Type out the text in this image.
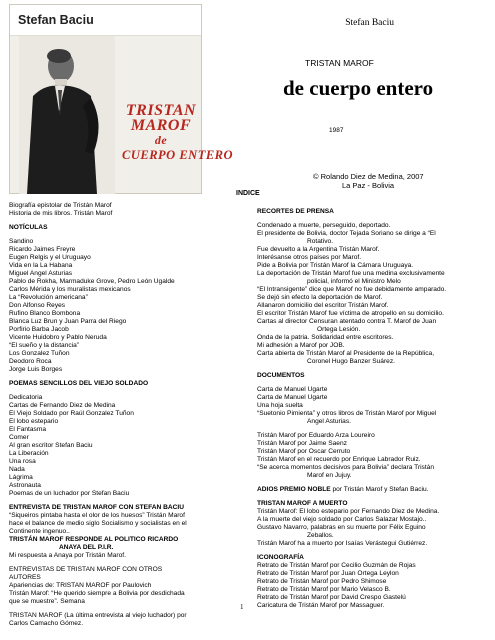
Stefan Baciu
TRISTAN
MAROF
de
CUERPO ENTERO
Stefan Baciu
TRISTAN MAROF
de cuerpo entero
1987
© Rolando Diez de Medina, 2007
La Paz - Bolivia
INDICE
Biografía epistolar de Tristán Marof
Historia de mis libros. Tristán Marof
NOTÍCULAS
Sandino
Ricardo Jaimes Freyre
Eugen Relgis y el Uruguayo
Vida en la La Habana
Miguel Angel Asturias
Pablo de Rokha, Marmaduke Grove, Pedro León Ugalde
Carlos Mérida y los muralistas mexicanos
La “Revolución americana”
Don Alfonso Reyes
Rufino Blanco Bombona
Blanca Luz Brun y Juan Parra del Riego
Porfirio Barba Jacob
Vicente Huidobro y Pablo Neruda
“El sueño y la distancia”
Los Gonzalez Tuñon
Deodoro Roca
Jorge Luis Borges
POEMAS SENCILLOS DEL VIEJO SOLDADO
Dedicatoria
Cartas de Fernando Diez de Medina
El Viejo Soldado por Raúl Gonzalez Tuñon
El lobo estepario
El Fantasma
Comer
Al gran escritor Stefan Baciu
La Liberación
Una rosa
Nada
Lágrima
Astronauta
Poemas de un luchador por Stefan Baciu
ENTREVISTA DE TRISTAN MAROF CON STEFAN BACIU
“Siqueiros pintaba hasta el olor de los huesos” Tristán Marof
hace el balance de medio siglo Socialismo y socialistas en el
Continente ingenuo..
TRISTÁN MAROF RESPONDE AL POLITICO RICARDO
ANAYA DEL P.I.R.
Mi respuesta a Anaya por Tristán Marof.
ENTREVISTAS DE TRISTAN MAROF CON OTROS
AUTORES
Apariencias de: TRISTAN MAROF por Paulovich
Tristán Marof: “He querido siempre a Bolivia por desdichada
que se muestre”. Semana
TRISTAN MAROF (La última entrevista al viejo luchador) por
Carlos Camacho Gómez.
RECORTES DE PRENSA
Condenado a muerte, perseguido, deportado.
El presidente de Bolivia, doctor Tejada Soriano se dirige a “El
Rotativo.
Fue devuelto a la Argentina Tristán Marof.
Interésanse otros países por Marof.
Pide a Bolivia por Tristán Marof la Cámara Uruguaya.
La deportación de Tristán Marof fue una medina exclusivamente
policial, informó el Ministro Melo
“El Intransigente” dice que Marof no fue debidamente amparado.
Se dejó sin efecto la deportación de Marof.
Allanaron domicilio del escritor Tristán Marof.
El escritor Tristán Marof fue víctima de atropello en su domicilio.
Cartas al director Censuran atentado contra T. Marof de Juan
Ortega Lesión.
Onda de la patria. Solidaridad entre escritores.
Mi adhesión a Marof por JOB.
Carta abierta de Tristán Marof al Presidente de la República,
Coronel Hugo Banzer Suárez.
DOCUMENTOS
Carta de Manuel Ugarte
Carta de Manuel Ugarte
Una hoja suelta
“Suetonio Pimienta” y otros libros de Tristán Marof por Miguel
Angel Asturias.
Tristán Marof por Eduardo Arza Loureiro
Tristán Marof por Jaime Saenz
Tristán Marof por Oscar Cerruto
Tristán Marof en el recuerdo por Enrique Labrador Ruiz.
“Se acerca momentos decisivos para Bolivia” declara Tristán
Marof en Jujuy.
ADIOS PREMIO NOBLE por Tristán Marof y Stefan Baciu.
TRISTAN MAROF A MUERTO
Tristán Marof: El lobo estepario por Fernando Diez de Medina.
A la muerte del viejo soldado por Carlos Salazar Mostajo..
Gustavo Navarro, palabras en su muerte por Félix Eguino
Zeballos.
Tristán Marof ha a muerto por Isaías Verástegui Gutiérrez.
ICONOGRAFÍA
Retrato de Tristán Marof por Cecilio Guzmán de Rojas
Retrato de Tristán Marof por Juan Ortega Leylon
Retrato de Tristán Marof por Pedro Shimose
Retrato de Tristán Marof por Mario Velasco B.
Retrato de Tristán Marof por David Crespo Gastelú
Caricatura de Tristán Marof por Massaguer.
1
